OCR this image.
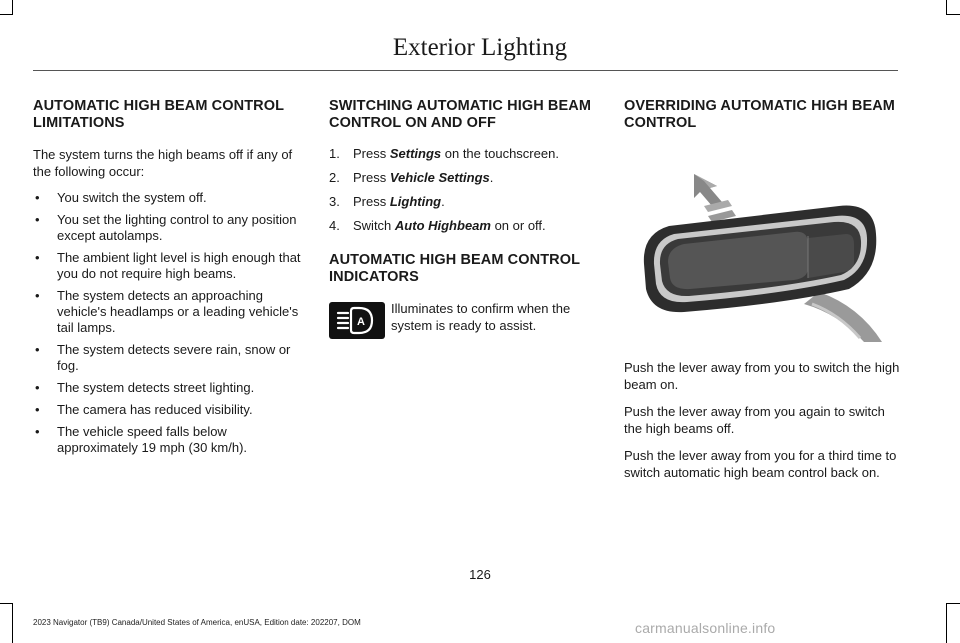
Exterior Lighting
AUTOMATIC HIGH BEAM CONTROL LIMITATIONS

The system turns the high beams off if any of the following occur:

• You switch the system off.
• You set the lighting control to any position except autolamps.
• The ambient light level is high enough that you do not require high beams.
• The system detects an approaching vehicle's headlamps or a leading vehicle's tail lamps.
• The system detects severe rain, snow or fog.
• The system detects street lighting.
• The camera has reduced visibility.
• The vehicle speed falls below approximately 19 mph (30 km/h).
SWITCHING AUTOMATIC HIGH BEAM CONTROL ON AND OFF
1. Press Settings on the touchscreen.
2. Press Vehicle Settings.
3. Press Lighting.
4. Switch Auto Highbeam on or off.
AUTOMATIC HIGH BEAM CONTROL INDICATORS
A
Illuminates to confirm when the system is ready to assist.
OVERRIDING AUTOMATIC HIGH BEAM CONTROL

Push the lever away from you to switch the high beam on.

Push the lever away from you again to switch the high beams off.

Push the lever away from you for a third time to switch automatic high beam control back on.

126
2023 Navigator (TB9) Canada/United States of America, enUSA, Edition date: 202207, DOM	carmanualsonline.info
